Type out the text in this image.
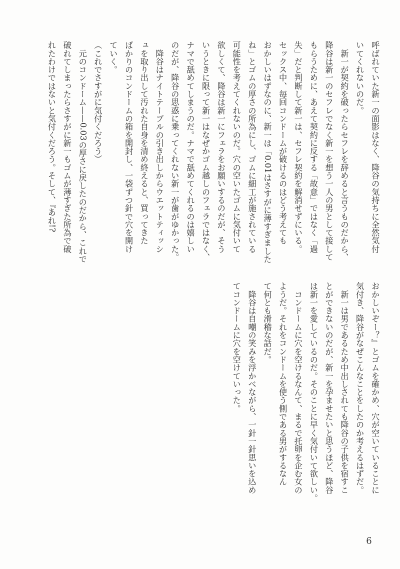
呼ばれていた新一の面影はなく、降谷の気持ちに全然気付
いてくれないのだ。
　新一が契約を破ったらセフレを辞めると言うものだから、
降谷は新一のセフレでなく新一を想う一人の男として接して
もらうために、あえて契約に反する「故意」ではなく「過
失」だと判断して新一は、セフレ契約を解消せずにいる。
セックス中、毎回コンドームが破けるのはどう考えても
おかしいはずなのに、新一は「0.01はさすがに薄すぎました
ね」とゴムの厚さの所為にし、ゴムに細工が施されている
可能性を考えてくれないのだ。穴の空いたゴムに気付いて
欲しくて、降谷は新一にフェラをお願いするのだが、そう
いうときに限って新一はなぜかゴム越しのフェラではなく、
ナマで舐めてしまうのだ。ナマで舐めてくれるのは嬉しい
のだが、降谷の思惑に乗ってくれない新一が歯がゆかった。
　降谷はナイトテーブルの引き出しからウエットティッシ
ュを取り出して汚れた自身を清め終えると、買ってきた
ばかりのコンドームの箱を開封し、一袋ずつ針で穴を開け
ていく。
（これでさすがに気付くだろう）
　元のコンドーム——0.03の厚さに戻したのだから、これで
破れてしまったらさすがに新一もゴムが薄すぎた所為で破
れたわけではないと気付くだろう。そして、『あれ!?
おかしいぞー？』とゴムを確かめ、穴が空いていることに
気付き、降谷がなぜこんなことをしたのか考えるはずだ。
　新一は男であるため中出しされても降谷の子供を宿すこ
とができないのだが、新一を孕ませたいと思うほど、降谷
は新一を愛しているのだ。そのことに早く気付いて欲しい。
　コンドームに穴を空けるなんて、まるで托卵を企む女の
ようだ。それをコンドームを使う側である男がするなん
て何とも滑稽な話だ。
　降谷は自嘲の笑みを浮かべながら、一針一針思いを込め
てコンドームに穴を空けていった。
6
